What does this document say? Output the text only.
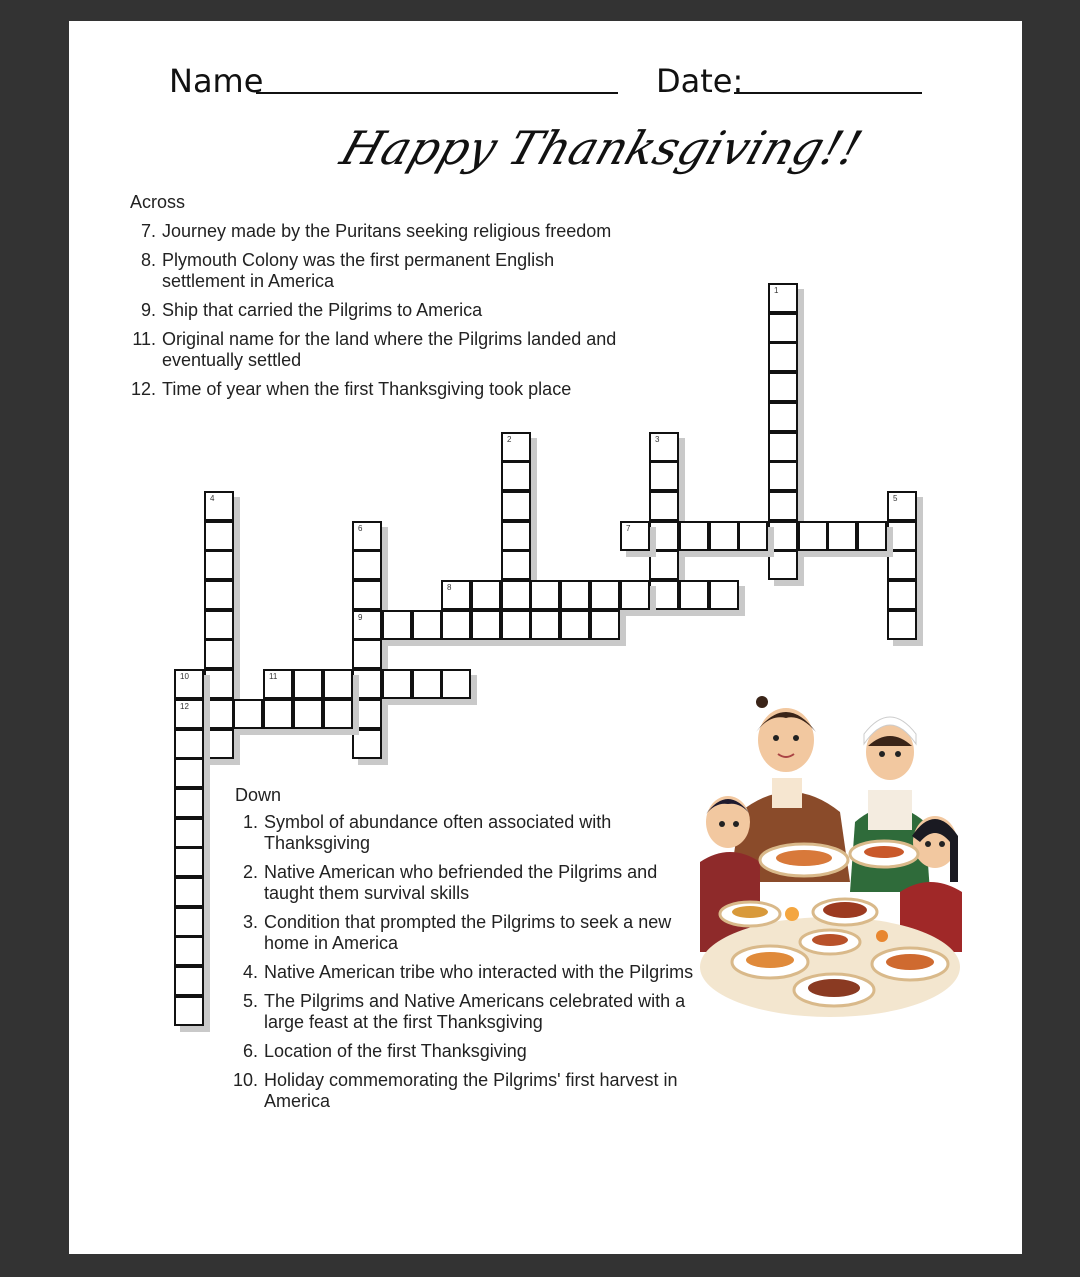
Name	Date:
Happy Thanksgiving!!
Across
7. Journey made by the Puritans seeking religious freedom
8. Plymouth Colony was the first permanent English settlement in America
9. Ship that carried the Pilgrims to America
11. Original name for the land where the Pilgrims landed and eventually settled
12. Time of year when the first Thanksgiving took place
Down
1. Symbol of abundance often associated with Thanksgiving
2. Native American who befriended the Pilgrims and taught them survival skills
3. Condition that prompted the Pilgrims to seek a new home in America
4. Native American tribe who interacted with the Pilgrims
5. The Pilgrims and Native Americans celebrated with a large feast at the first Thanksgiving
6. Location of the first Thanksgiving
10. Holiday commemorating the Pilgrims' first harvest in America
1
2	3
4	5
6
9
7
8
10
12
11
